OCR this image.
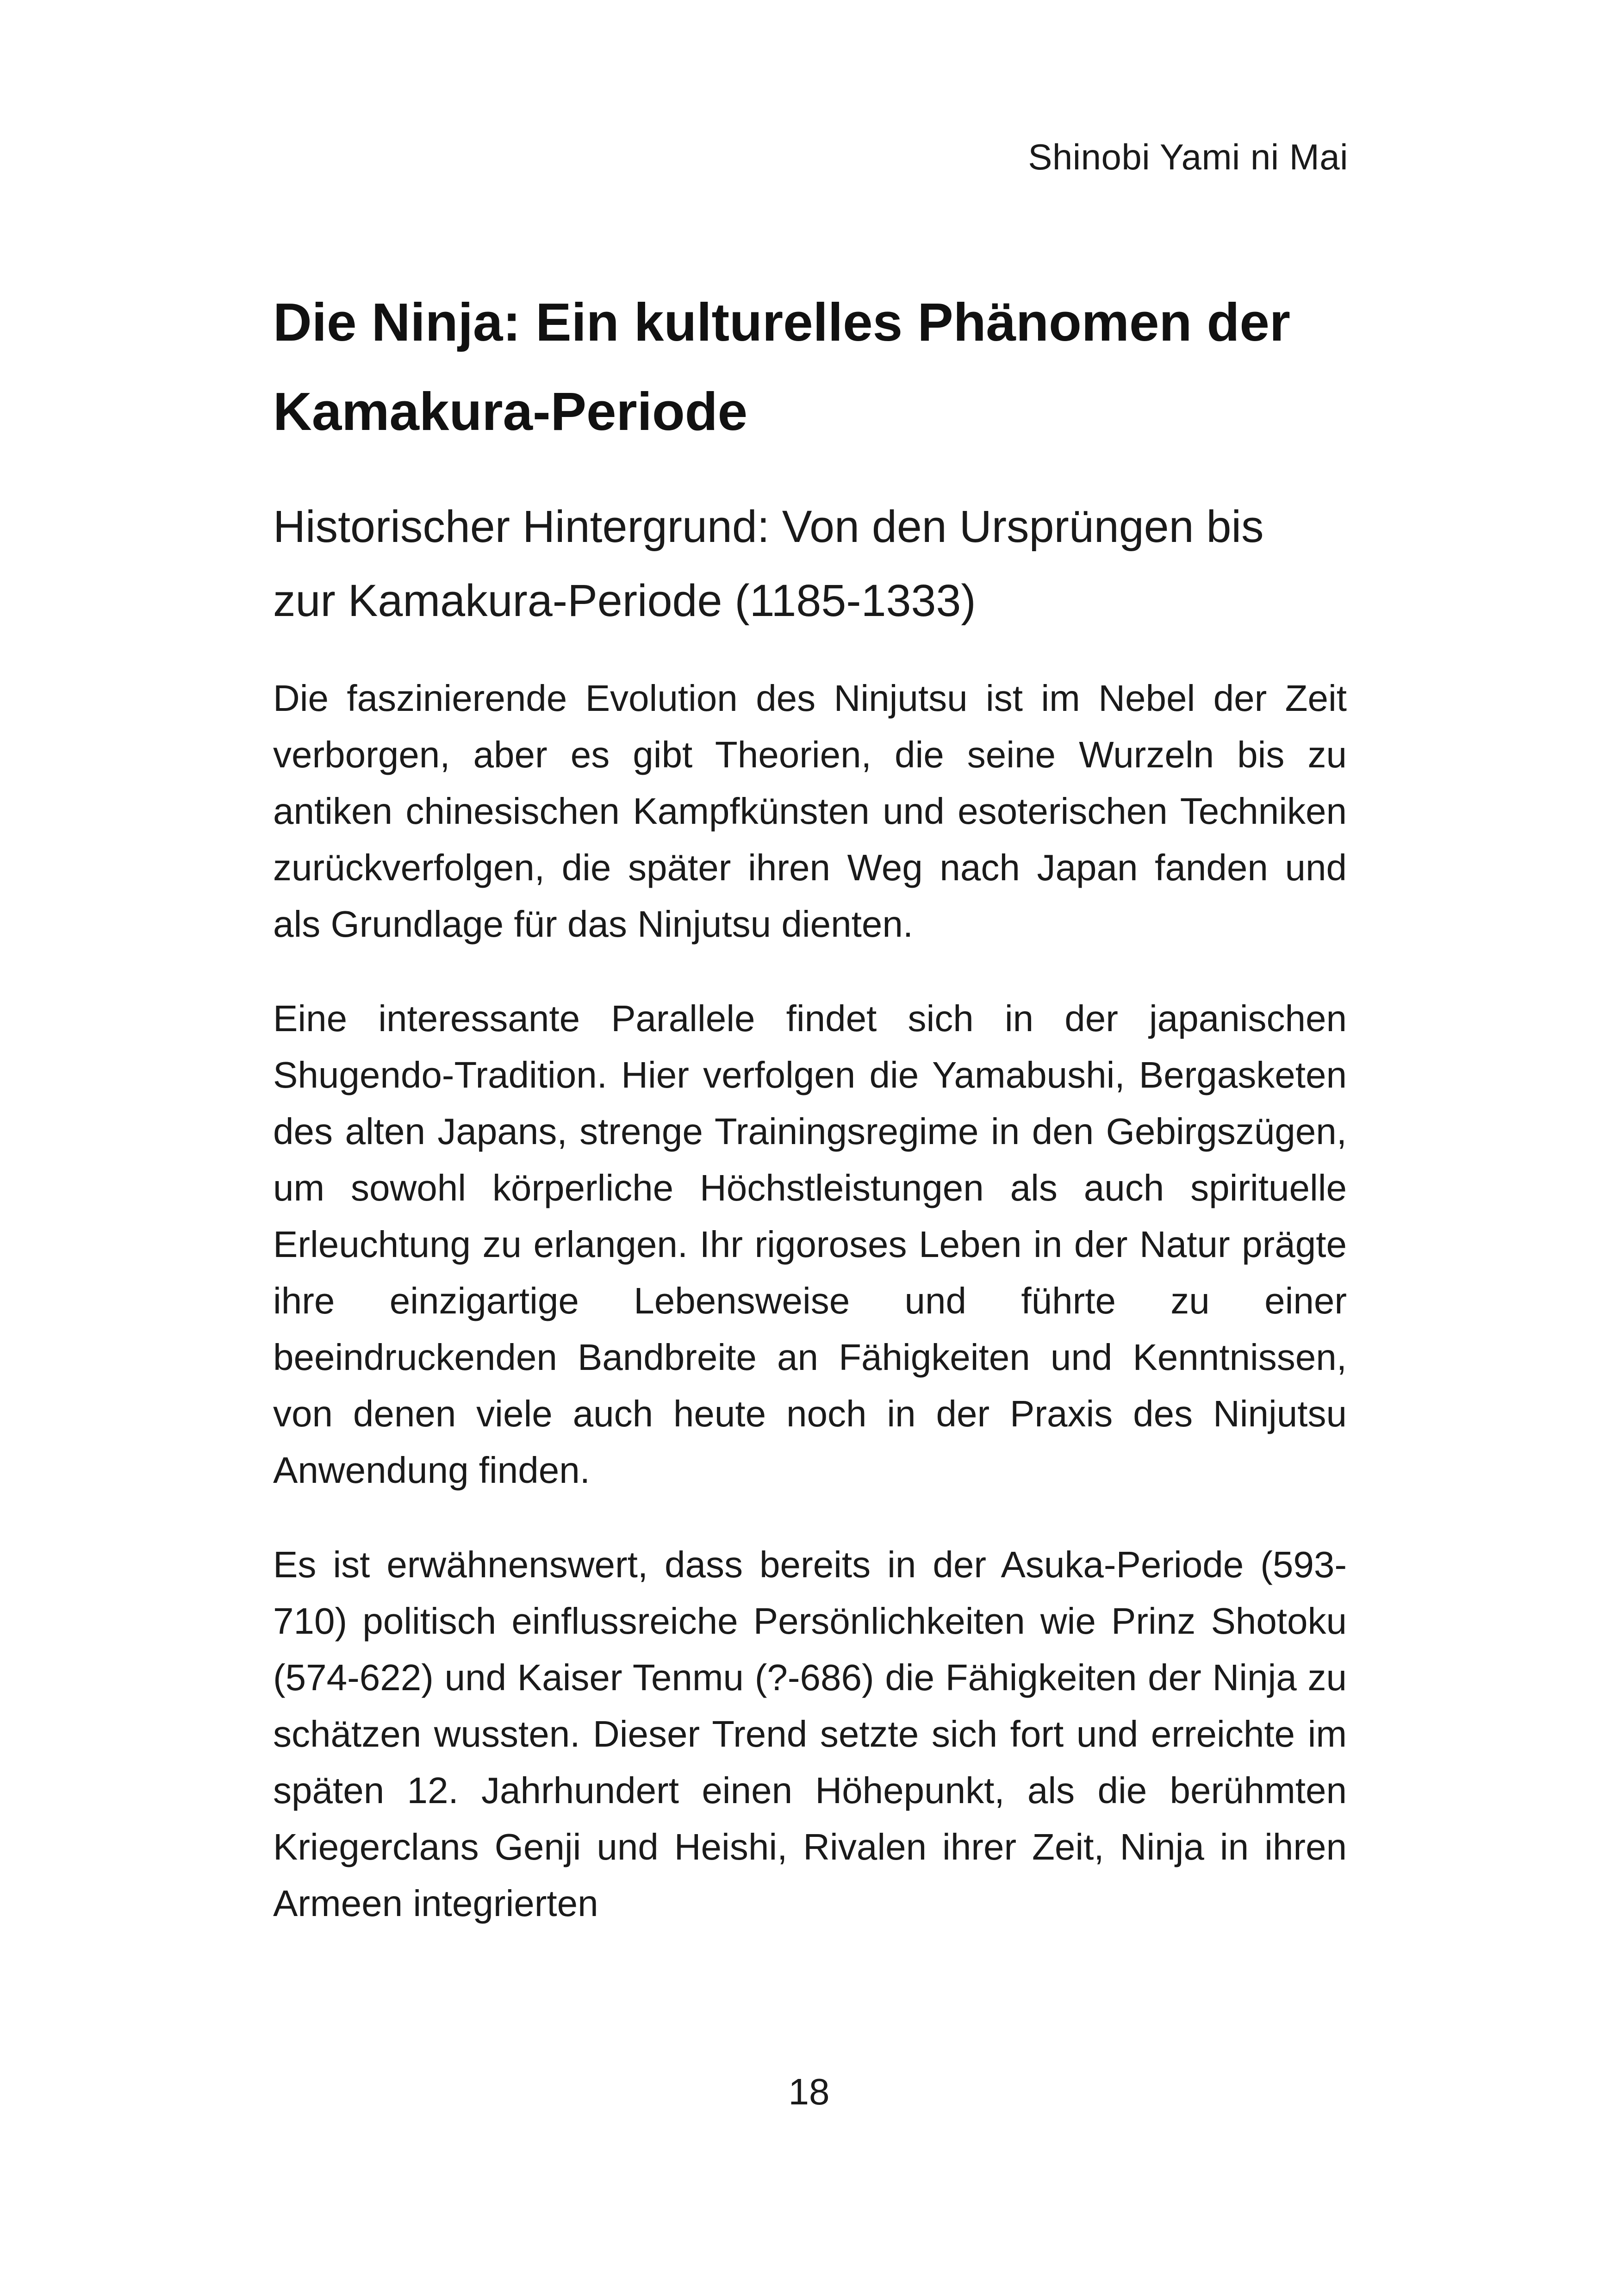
Shinobi Yami ni Mai
Die Ninja: Ein kulturelles Phänomen der
Kamakura-Periode
Historischer Hintergrund: Von den Ursprüngen bis
zur Kamakura-Periode (1185-1333)

Die faszinierende Evolution des Ninjutsu ist im Nebel der Zeit verborgen, aber es gibt Theorien, die seine Wurzeln bis zu antiken chinesischen Kampfkünsten und esoterischen Techniken zurückverfolgen, die später ihren Weg nach Japan fanden und als Grundlage für das Ninjutsu dienten.

Eine interessante Parallele findet sich in der japanischen Shugendo-Tradition. Hier verfolgen die Yamabushi, Bergasketen des alten Japans, strenge Trainingsregime in den Gebirgszügen, um sowohl körperliche Höchstleistungen als auch spirituelle Erleuchtung zu erlangen. Ihr rigoroses Leben in der Natur prägte ihre einzigartige Lebensweise und führte zu einer beeindruckenden Bandbreite an Fähigkeiten und Kenntnissen, von denen viele auch heute noch in der Praxis des Ninjutsu Anwendung finden.

Es ist erwähnenswert, dass bereits in der Asuka-Periode (593-710) politisch einflussreiche Persönlichkeiten wie Prinz Shotoku (574-622) und Kaiser Tenmu (?-686) die Fähigkeiten der Ninja zu schätzen wussten. Dieser Trend setzte sich fort und erreichte im späten 12. Jahrhundert einen Höhepunkt, als die berühmten Kriegerclans Genji und Heishi, Rivalen ihrer Zeit, Ninja in ihren Armeen integrierten

18
